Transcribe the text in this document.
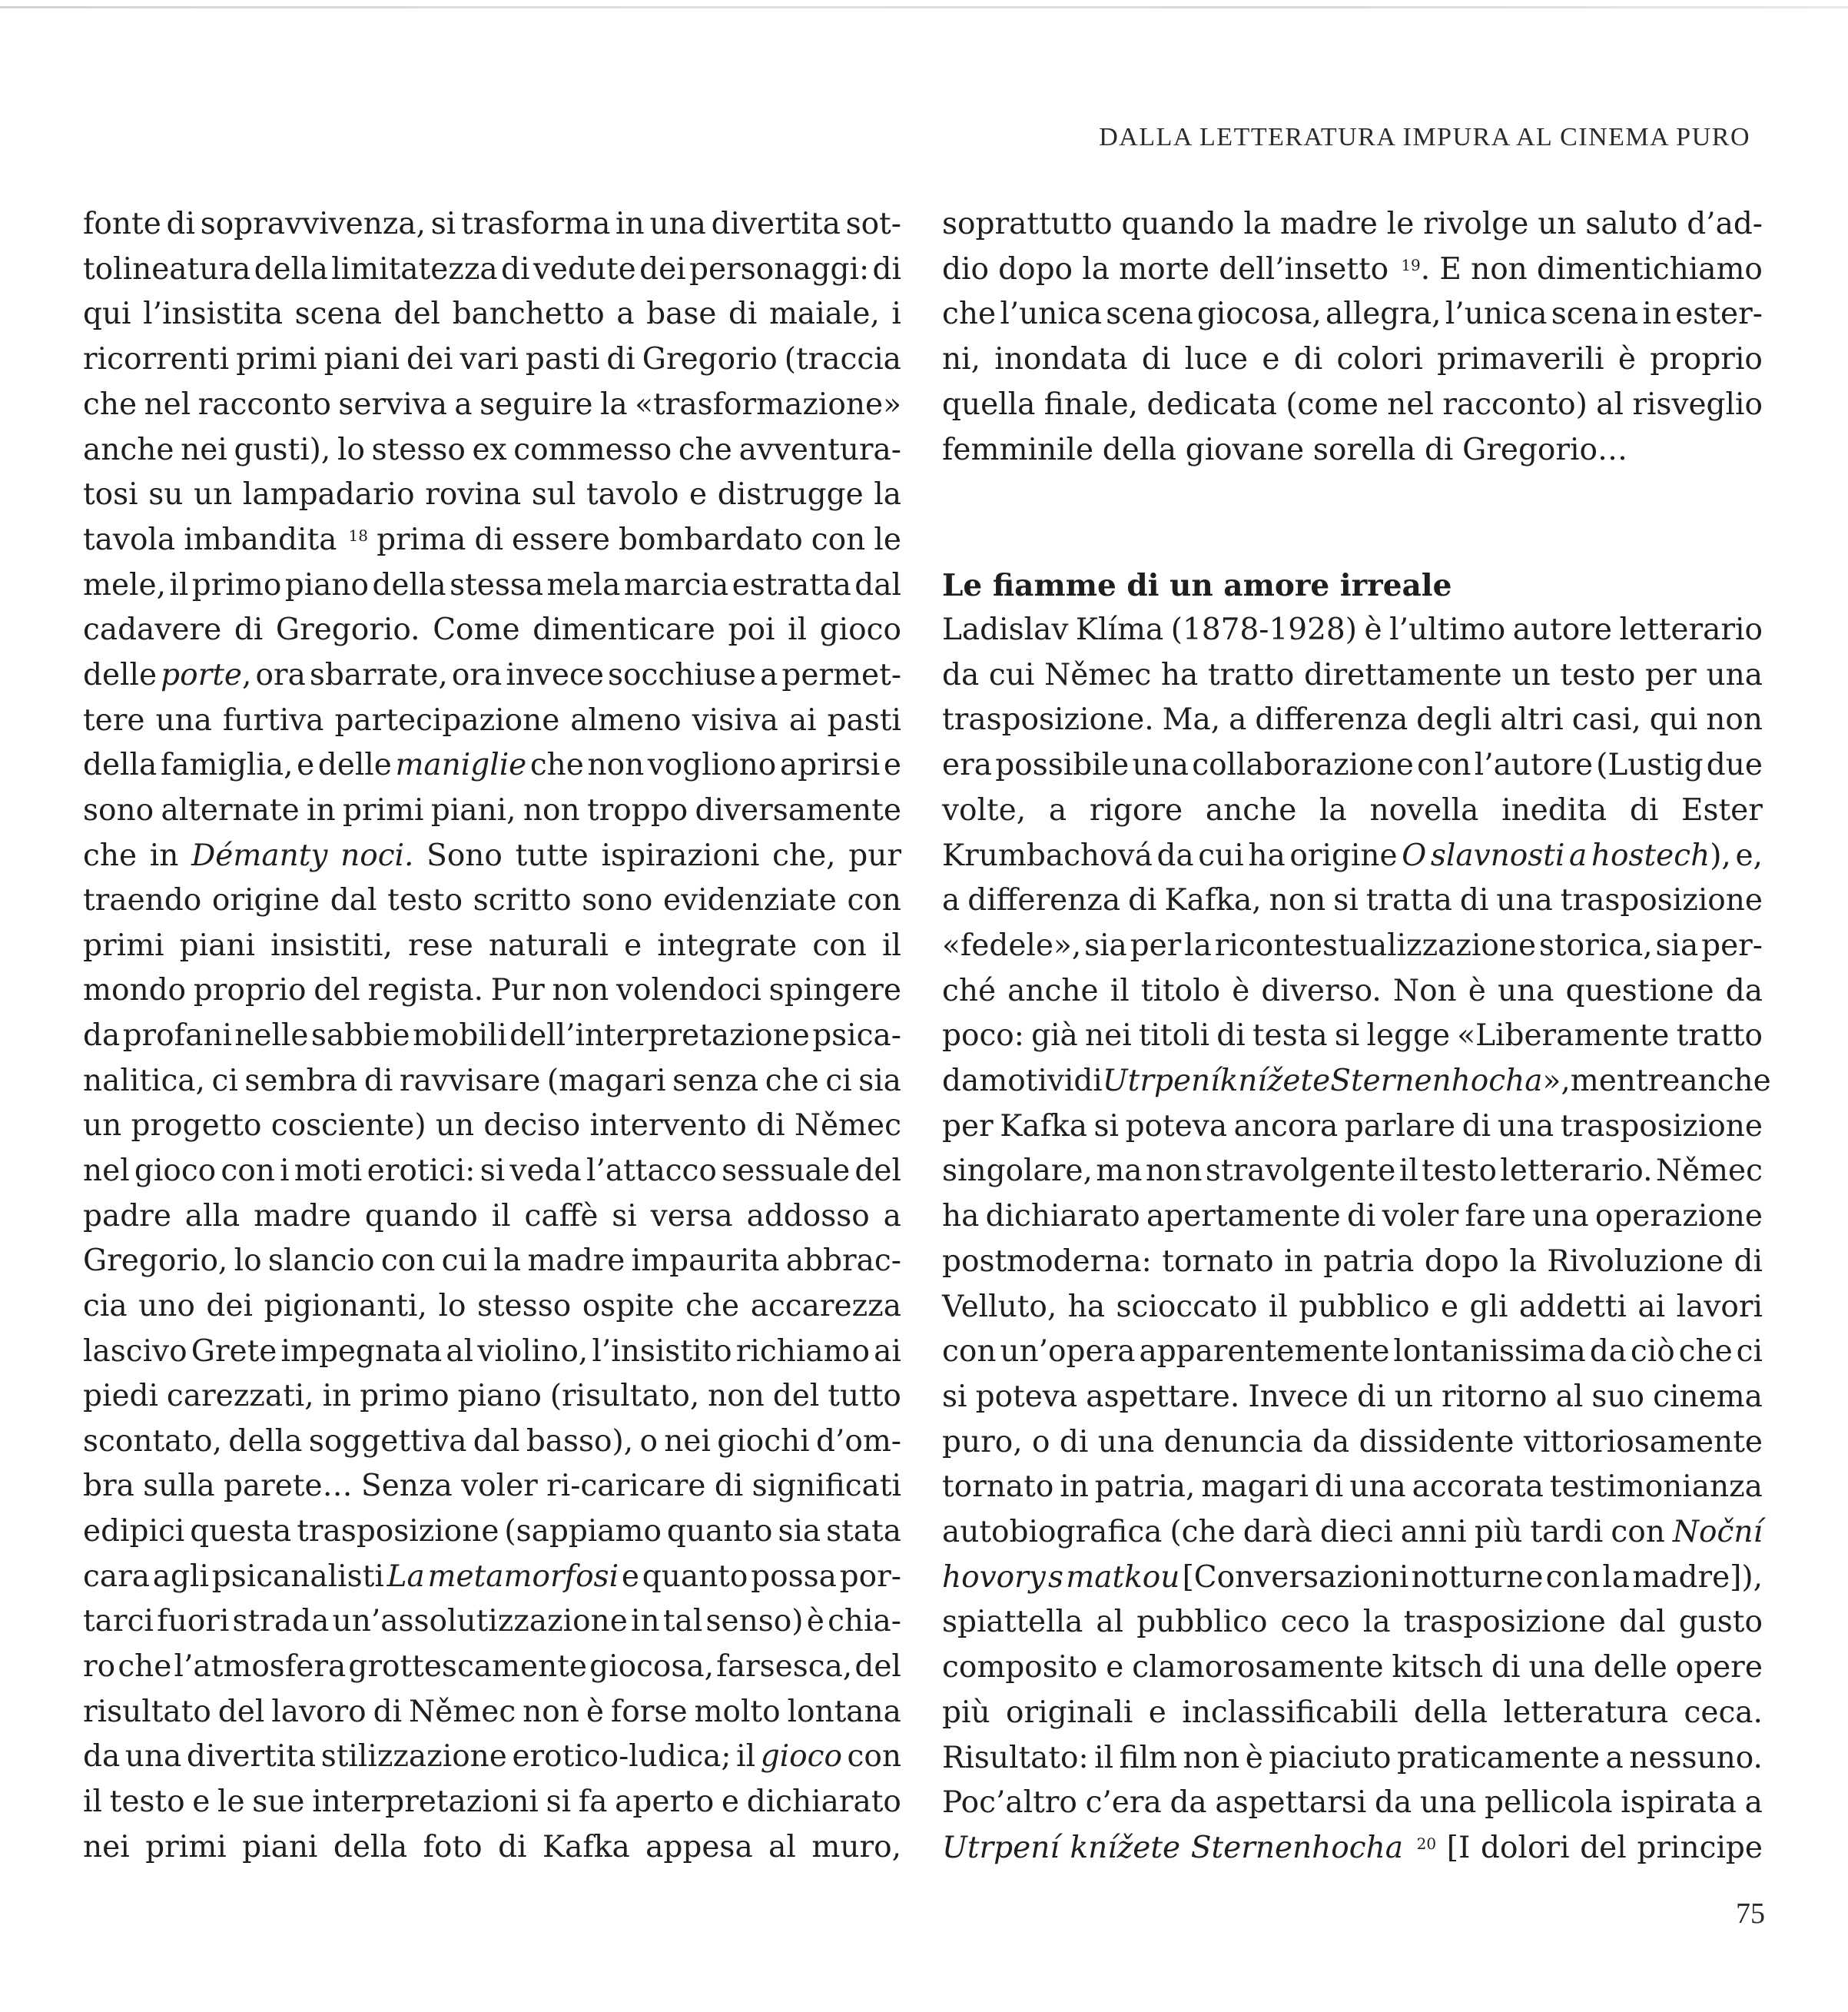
DALLA LETTERATURA IMPURA AL CINEMA PURO
fonte di sopravvivenza, si trasforma in una divertita sot-
tolineatura della limitatezza di vedute dei personaggi: di
qui l’insistita scena del banchetto a base di maiale, i
ricorrenti primi piani dei vari pasti di Gregorio (traccia
che nel racconto serviva a seguire la «trasformazione»
anche nei gusti), lo stesso ex commesso che avventura-
tosi su un lampadario rovina sul tavolo e distrugge la
tavola imbandita $^{18}$ prima di essere bombardato con le
mele, il primo piano della stessa mela marcia estratta dal
cadavere di Gregorio. Come dimenticare poi il gioco
delle porte, ora sbarrate, ora invece socchiuse a permet-
tere una furtiva partecipazione almeno visiva ai pasti
della famiglia, e delle maniglie che non vogliono aprirsi e
sono alternate in primi piani, non troppo diversamente
che in Démanty noci. Sono tutte ispirazioni che, pur
traendo origine dal testo scritto sono evidenziate con
primi piani insistiti, rese naturali e integrate con il
mondo proprio del regista. Pur non volendoci spingere
da profani nelle sabbie mobili dell’interpretazione psica-
nalitica, ci sembra di ravvisare (magari senza che ci sia
un progetto cosciente) un deciso intervento di Němec
nel gioco con i moti erotici: si veda l’attacco sessuale del
padre alla madre quando il caffè si versa addosso a
Gregorio, lo slancio con cui la madre impaurita abbrac-
cia uno dei pigionanti, lo stesso ospite che accarezza
lascivo Grete impegnata al violino, l’insistito richiamo ai
piedi carezzati, in primo piano (risultato, non del tutto
scontato, della soggettiva dal basso), o nei giochi d’om-
bra sulla parete… Senza voler ri-caricare di significati
edipici questa trasposizione (sappiamo quanto sia stata
cara agli psicanalisti La metamorfosi e quanto possa por-
tarci fuori strada un’assolutizzazione in tal senso) è chia-
ro che l’atmosfera grottescamente giocosa, farsesca, del
risultato del lavoro di Němec non è forse molto lontana
da una divertita stilizzazione erotico-ludica; il gioco con
il testo e le sue interpretazioni si fa aperto e dichiarato
nei primi piani della foto di Kafka appesa al muro,
soprattutto quando la madre le rivolge un saluto d’ad-
dio dopo la morte dell’insetto $^{19}$. E non dimentichiamo
che l’unica scena giocosa, allegra, l’unica scena in ester-
ni, inondata di luce e di colori primaverili è proprio
quella finale, dedicata (come nel racconto) al risveglio
femminile della giovane sorella di Gregorio…
Le fiamme di un amore irreale
Ladislav Klíma (1878-1928) è l’ultimo autore letterario
da cui Němec ha tratto direttamente un testo per una
trasposizione. Ma, a differenza degli altri casi, qui non
era possibile una collaborazione con l’autore (Lustig due
volte, a rigore anche la novella inedita di Ester
Krumbachová da cui ha origine O slavnosti a hostech), e,
a differenza di Kafka, non si tratta di una trasposizione
«fedele», sia per la ricontestualizzazione storica, sia per-
ché anche il titolo è diverso. Non è una questione da
poco: già nei titoli di testa si legge «Liberamente tratto
da motivi di Utrpení knížete Sternenhocha», mentre anche
per Kafka si poteva ancora parlare di una trasposizione
singolare, ma non stravolgente il testo letterario. Němec
ha dichiarato apertamente di voler fare una operazione
postmoderna: tornato in patria dopo la Rivoluzione di
Velluto, ha scioccato il pubblico e gli addetti ai lavori
con un’opera apparentemente lontanissima da ciò che ci
si poteva aspettare. Invece di un ritorno al suo cinema
puro, o di una denuncia da dissidente vittoriosamente
tornato in patria, magari di una accorata testimonianza
autobiografica (che darà dieci anni più tardi con Noční
hovory s matkou [Conversazioni notturne con la madre]),
spiattella al pubblico ceco la trasposizione dal gusto
composito e clamorosamente kitsch di una delle opere
più originali e inclassificabili della letteratura ceca.
Risultato: il film non è piaciuto praticamente a nessuno.
Poc’altro c’era da aspettarsi da una pellicola ispirata a
Utrpení knížete Sternenhocha $^{20}$ [I dolori del principe
75
